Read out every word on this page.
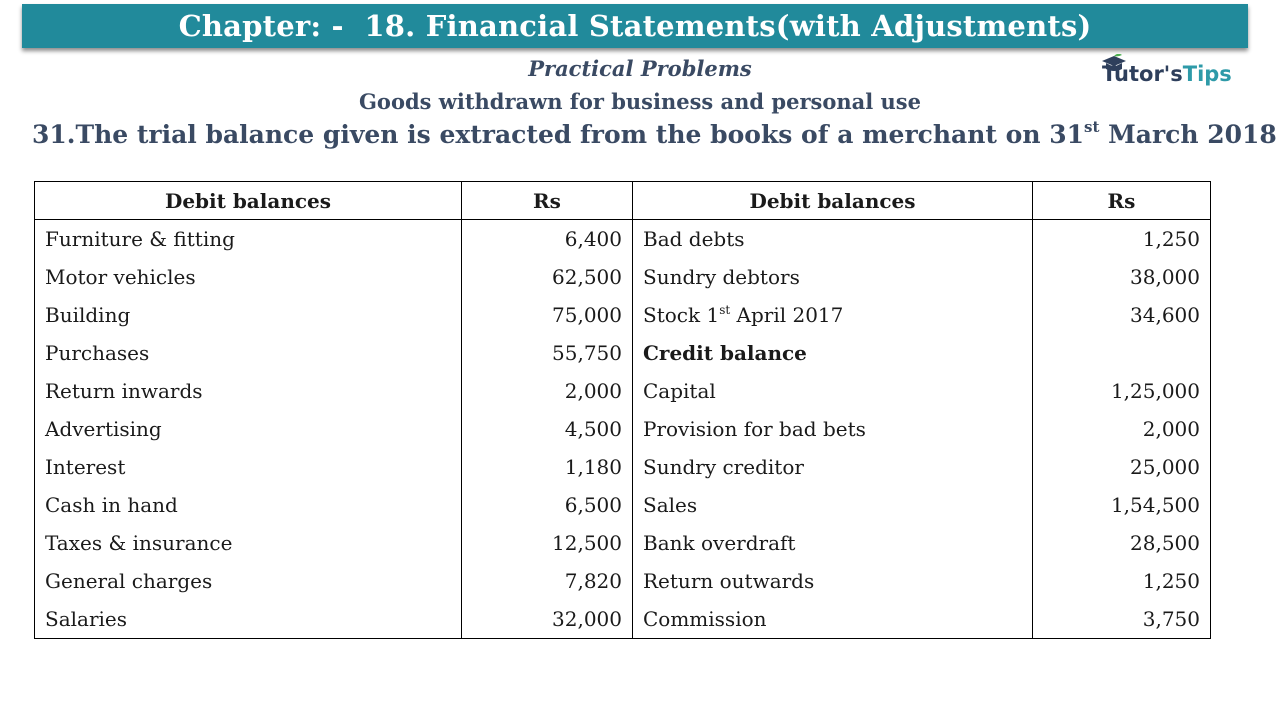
Chapter: -  18. Financial Statements(with Adjustments)
Practical Problems
Goods withdrawn for business and personal use
31.The trial balance given is extracted from the books of a merchant on 31st March 2018
Tutor'sTips
Debit balances	Rs	Debit balances	Rs
Furniture & fitting	6,400	Bad debts	1,250
Motor vehicles	62,500	Sundry debtors	38,000
Building	75,000	Stock 1st April 2017	34,600
Purchases	55,750	Credit balance	
Return inwards	2,000	Capital	1,25,000
Advertising	4,500	Provision for bad bets	2,000
Interest	1,180	Sundry creditor	25,000
Cash in hand	6,500	Sales	1,54,500
Taxes & insurance	12,500	Bank overdraft	28,500
General charges	7,820	Return outwards	1,250
Salaries	32,000	Commission	3,750
